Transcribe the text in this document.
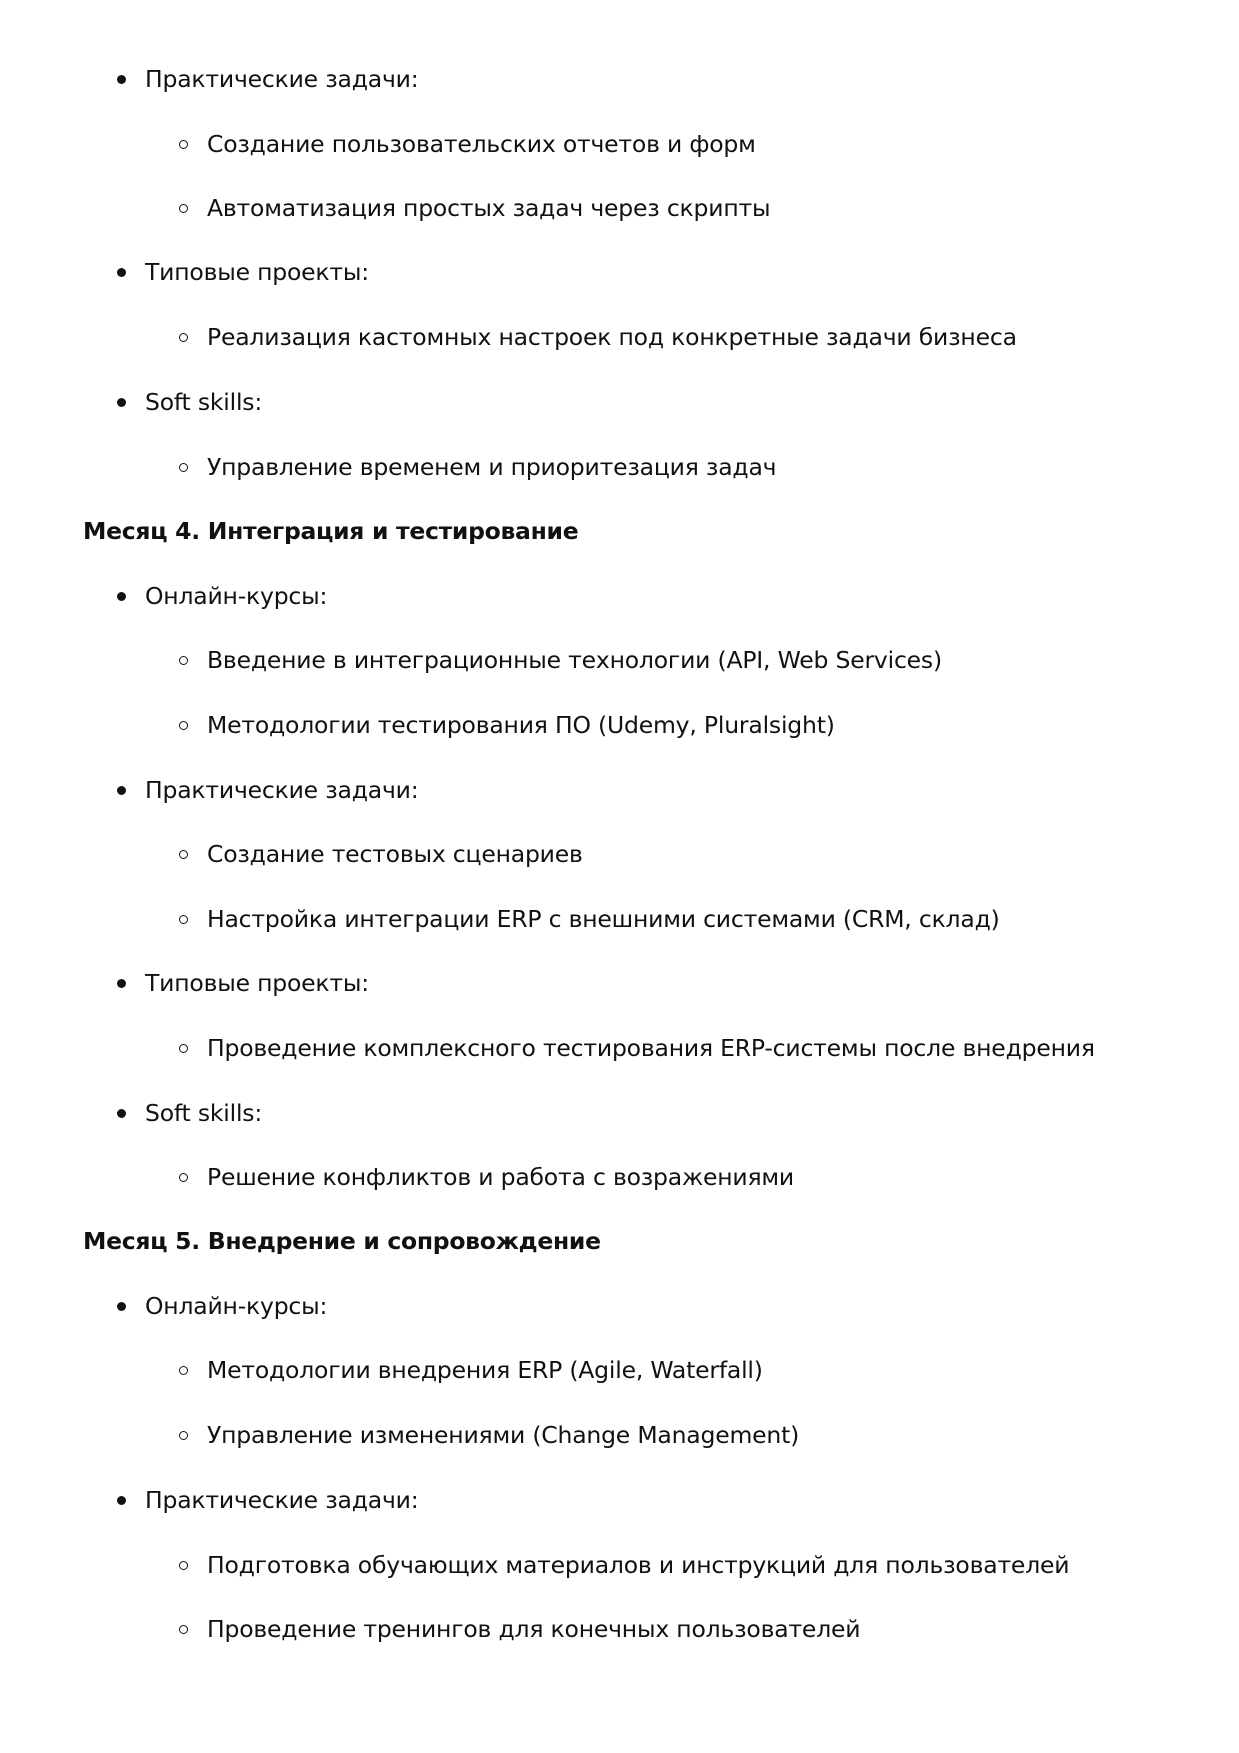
Практические задачи:
Создание пользовательских отчетов и форм
Автоматизация простых задач через скрипты
Типовые проекты:
Реализация кастомных настроек под конкретные задачи бизнеса
Soft skills:
Управление временем и приоритезация задач
Месяц 4. Интеграция и тестирование
Онлайн-курсы:
Введение в интеграционные технологии (API, Web Services)
Методологии тестирования ПО (Udemy, Pluralsight)
Практические задачи:
Создание тестовых сценариев
Настройка интеграции ERP с внешними системами (CRM, склад)
Типовые проекты:
Проведение комплексного тестирования ERP-системы после внедрения
Soft skills:
Решение конфликтов и работа с возражениями
Месяц 5. Внедрение и сопровождение
Онлайн-курсы:
Методологии внедрения ERP (Agile, Waterfall)
Управление изменениями (Change Management)
Практические задачи:
Подготовка обучающих материалов и инструкций для пользователей
Проведение тренингов для конечных пользователей
